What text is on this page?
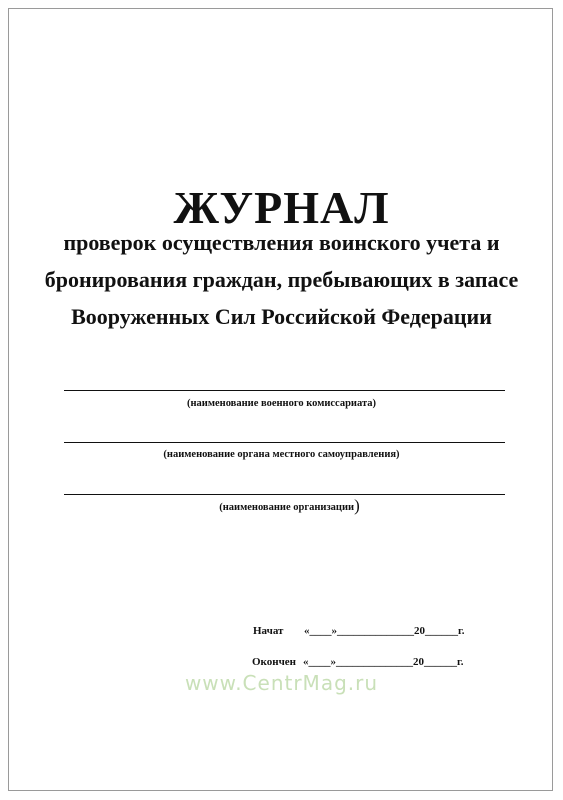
ЖУРНАЛ
проверок осуществления воинского учета и
бронирования граждан, пребывающих в запасе
Вооруженных Сил Российской Федерации
(наименование военного комиссариата)
(наименование органа местного самоуправления)
(наименование организации)
Начат «____»______________20______г.
Окончен «____»______________20______г.
www.CentrMag.ru
